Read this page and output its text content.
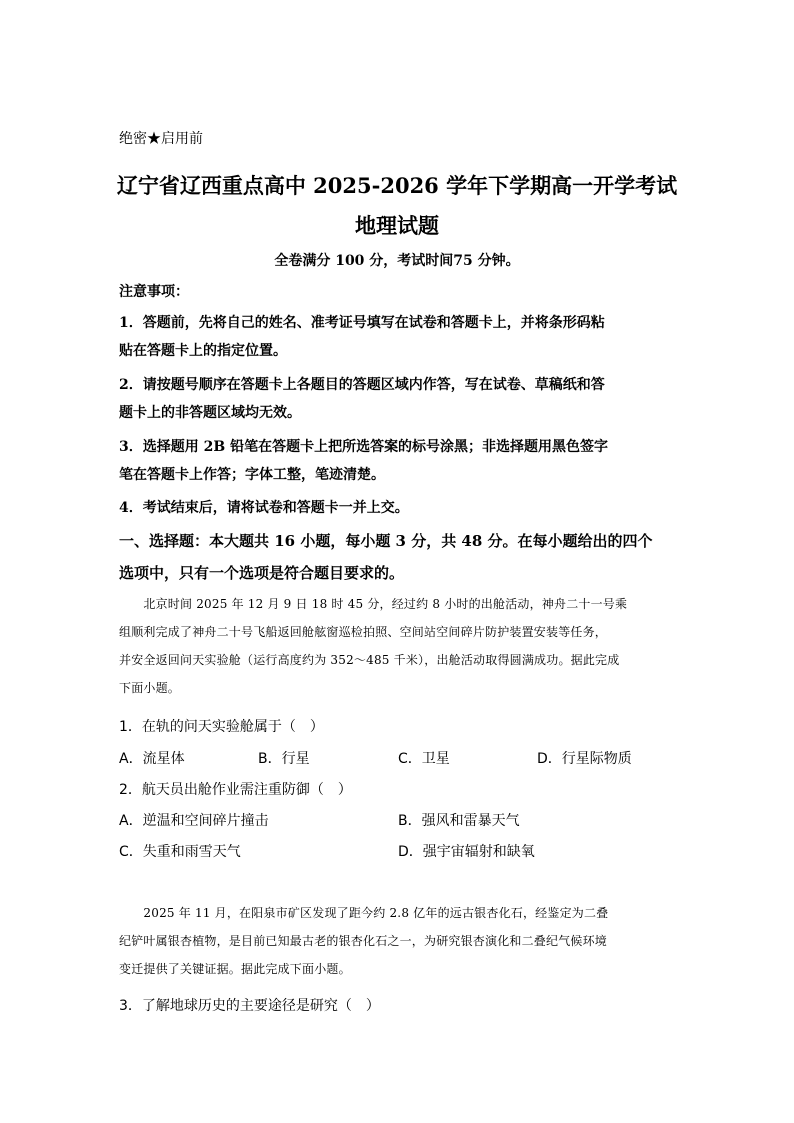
绝密★启用前
辽宁省辽西重点高中 2025-2026 学年下学期高一开学考试
地理试题
全卷满分 100 分，考试时间75 分钟。
注意事项：
1．答题前，先将自己的姓名、准考证号填写在试卷和答题卡上，并将条形码粘
贴在答题卡上的指定位置。
2．请按题号顺序在答题卡上各题目的答题区域内作答，写在试卷、草稿纸和答
题卡上的非答题区域均无效。
3．选择题用 2B 铅笔在答题卡上把所选答案的标号涂黑；非选择题用黑色签字
笔在答题卡上作答；字体工整，笔迹清楚。
4．考试结束后，请将试卷和答题卡一并上交。
一、选择题：本大题共 16 小题，每小题 3 分，共 48 分。在每小题给出的四个
选项中，只有一个选项是符合题目要求的。
　　北京时间 2025 年 12 月 9 日 18 时 45 分，经过约 8 小时的出舱活动，神舟二十一号乘
组顺利完成了神舟二十号飞船返回舱舷窗巡检拍照、空间站空间碎片防护装置安装等任务，
并安全返回问天实验舱（运行高度约为 352～485 千米），出舱活动取得圆满成功。据此完成
下面小题。
1．在轨的问天实验舱属于（　）
A．流星体	B．行星	C．卫星	D．行星际物质
2．航天员出舱作业需注重防御（　）
A．逆温和空间碎片撞击	B．强风和雷暴天气
C．失重和雨雪天气	D．强宇宙辐射和缺氧
　　2025 年 11 月，在阳泉市矿区发现了距今约 2.8 亿年的远古银杏化石，经鉴定为二叠
纪铲叶属银杏植物，是目前已知最古老的银杏化石之一，为研究银杏演化和二叠纪气候环境
变迁提供了关键证据。据此完成下面小题。
3．了解地球历史的主要途径是研究（　）
